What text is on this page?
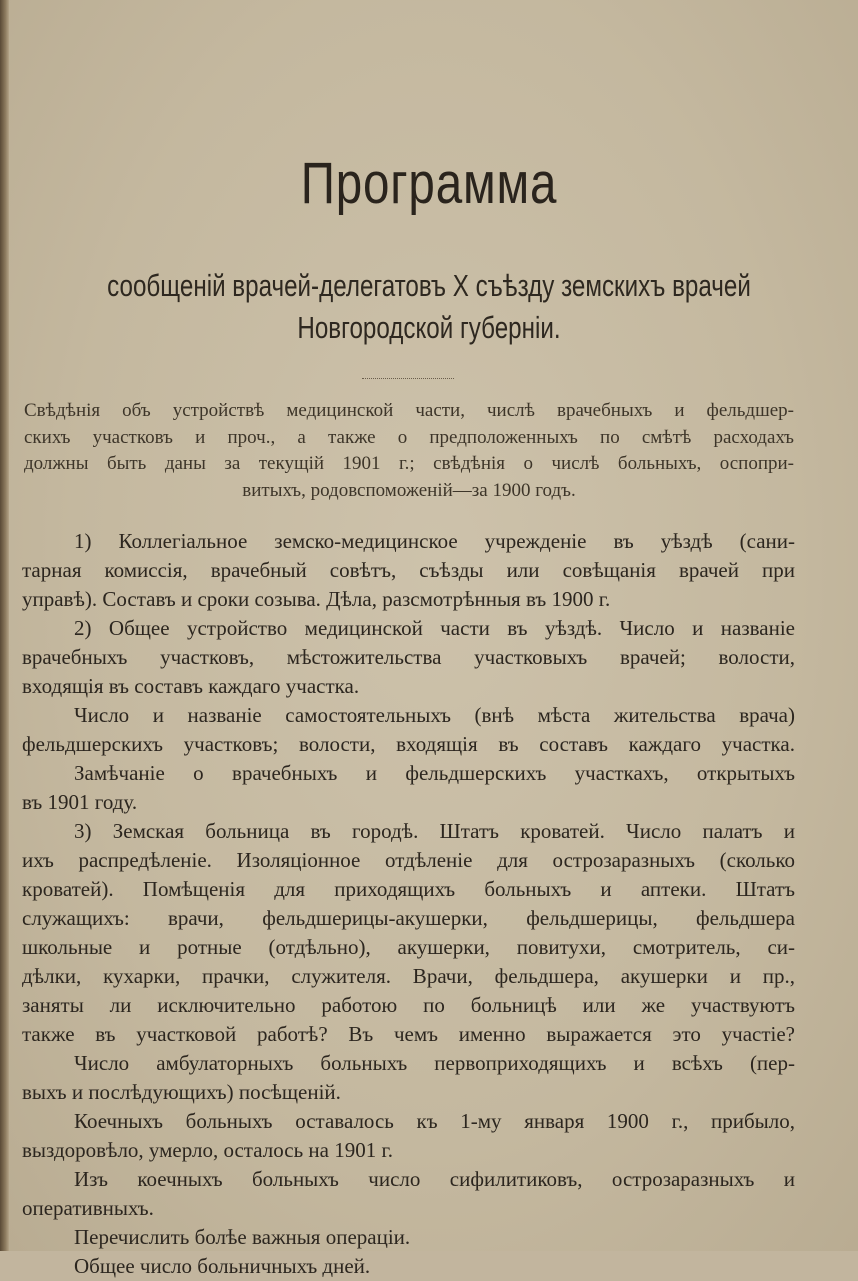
Программа
сообщеній врачей-делегатовъ X съѣзду земскихъ врачей
Новгородской губерніи.
Свѣдѣнія объ устройствѣ медицинской части, числѣ врачебныхъ и фельдшер-
скихъ участковъ и проч., а также о предположенныхъ по смѣтѣ расходахъ
должны быть даны за текущій 1901 г.; свѣдѣнія о числѣ больныхъ, оспопри-
витыхъ, родовспоможеній—за 1900 годъ.
1) Коллегіальное земско-медицинское учрежденіе въ уѣздѣ (сани-
тарная комиссія, врачебный совѣтъ, съѣзды или совѣщанія врачей при
управѣ). Составъ и сроки созыва. Дѣла, разсмотрѣнныя въ 1900 г.
2) Общее устройство медицинской части въ уѣздѣ. Число и названіе
врачебныхъ участковъ, мѣстожительства участковыхъ врачей; волости,
входящія въ составъ каждаго участка.
Число и названіе самостоятельныхъ (внѣ мѣста жительства врача)
фельдшерскихъ участковъ; волости, входящія въ составъ каждаго участка.
Замѣчаніе о врачебныхъ и фельдшерскихъ участкахъ, открытыхъ
въ 1901 году.
3) Земская больница въ городѣ. Штатъ кроватей. Число палатъ и
ихъ распредѣленіе. Изоляціонное отдѣленіе для острозаразныхъ (сколько
кроватей). Помѣщенія для приходящихъ больныхъ и аптеки. Штатъ
служащихъ: врачи, фельдшерицы-акушерки, фельдшерицы, фельдшера
школьные и ротные (отдѣльно), акушерки, повитухи, смотритель, си-
дѣлки, кухарки, прачки, служителя. Врачи, фельдшера, акушерки и пр.,
заняты ли исключительно работою по больницѣ или же участвуютъ
также въ участковой работѣ? Въ чемъ именно выражается это участіе?
Число амбулаторныхъ больныхъ первоприходящихъ и всѣхъ (пер-
выхъ и послѣдующихъ) посѣщеній.
Коечныхъ больныхъ оставалось къ 1-му января 1900 г., прибыло,
выздоровѣло, умерло, осталось на 1901 г.
Изъ коечныхъ больныхъ число сифилитиковъ, острозаразныхъ и
оперативныхъ.
Перечислить болѣе важныя операціи.
Общее число больничныхъ дней.
